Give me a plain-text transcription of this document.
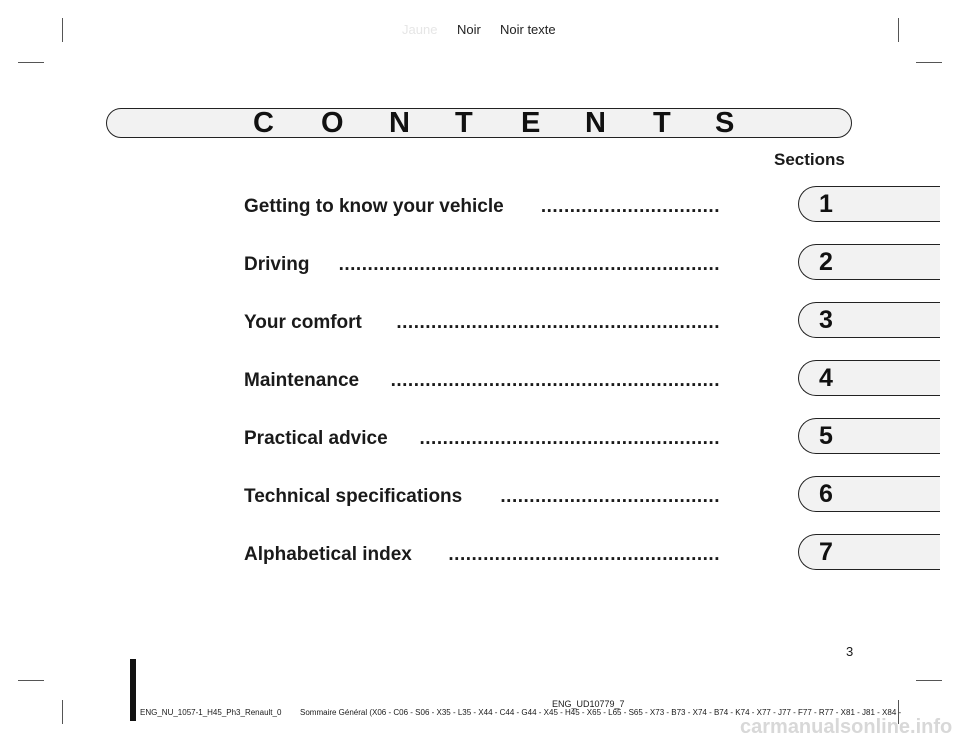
Jaune Noir Noir texte
C O N T E N T S
Sections
Getting to know your vehicle ...............................
Driving ..................................................................
Your comfort ........................................................
Maintenance .........................................................
Practical advice ....................................................
Technical specifications ......................................
Alphabetical index ...............................................
1
2
3
4
5
6
7
3
ENG_UD10779_7
ENG_NU_1057-1_H45_Ph3_Renault_0 Sommaire Général (X06 - C06 - S06 - X35 - L35 - X44 - C44 - G44 - X45 - H45 - X65 - L65 - S65 - X73 - B73 - X74 - B74 - K74 - X77 - J77 - F77 - R77 - X81 - J81 - X84 -
carmanualsonline.info
